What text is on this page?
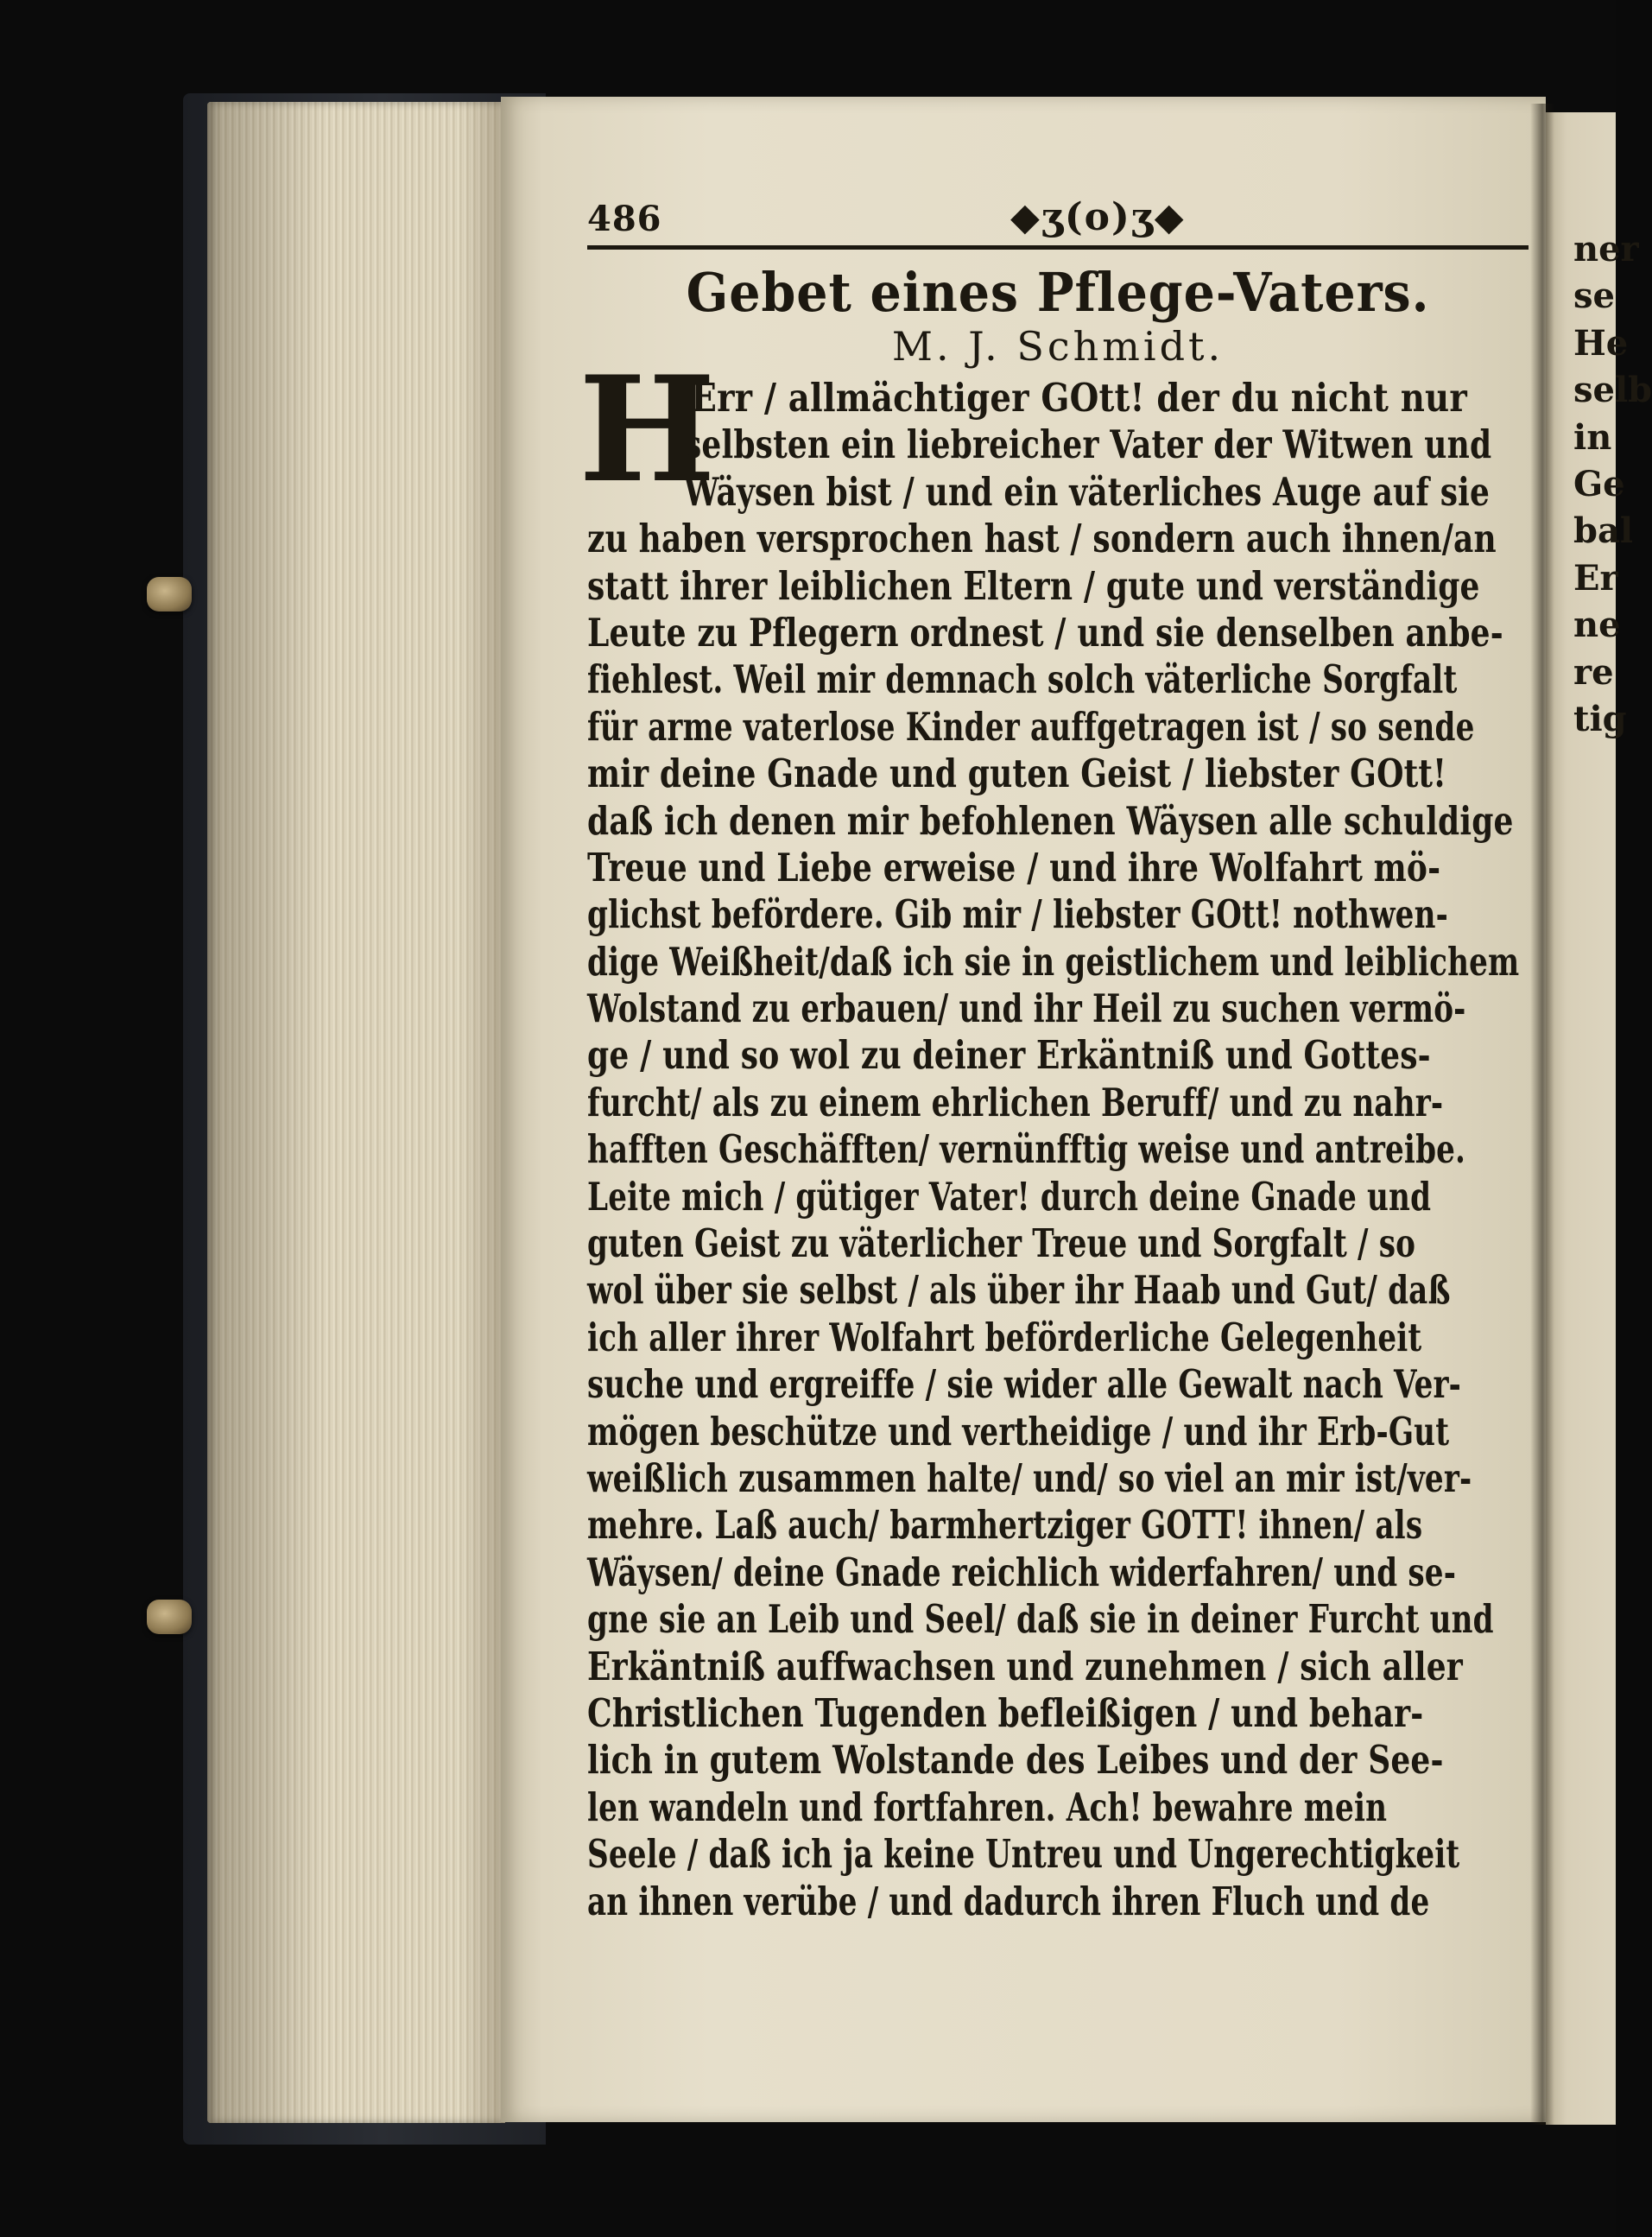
486	◆ʒ(o)ʒ◆
Gebet eines Pflege-Vaters.
M. J. Schmidt.
H
Err / allmächtiger GOtt! der du nicht nur
selbsten ein liebreicher Vater der Witwen und
Wäysen bist / und ein väterliches Auge auf sie
zu haben versprochen hast / sondern auch ihnen/an
statt ihrer leiblichen Eltern / gute und verständige
Leute zu Pflegern ordnest / und sie denselben anbe-
fiehlest. Weil mir demnach solch väterliche Sorgfalt
für arme vaterlose Kinder auffgetragen ist / so sende
mir deine Gnade und guten Geist / liebster GOtt!
daß ich denen mir befohlenen Wäysen alle schuldige
Treue und Liebe erweise / und ihre Wolfahrt mö-
glichst befördere. Gib mir / liebster GOtt! nothwen-
dige Weißheit/daß ich sie in geistlichem und leiblichem
Wolstand zu erbauen/ und ihr Heil zu suchen vermö-
ge / und so wol zu deiner Erkäntniß und Gottes-
furcht/ als zu einem ehrlichen Beruff/ und zu nahr-
hafften Geschäfften/ vernünfftig weise und antreibe.
Leite mich / gütiger Vater! durch deine Gnade und
guten Geist zu väterlicher Treue und Sorgfalt / so
wol über sie selbst / als über ihr Haab und Gut/ daß
ich aller ihrer Wolfahrt beförderliche Gelegenheit
suche und ergreiffe / sie wider alle Gewalt nach Ver-
mögen beschütze und vertheidige / und ihr Erb-Gut
weißlich zusammen halte/ und/ so viel an mir ist/ver-
mehre. Laß auch/ barmhertziger GOTT! ihnen/ als
Wäysen/ deine Gnade reichlich widerfahren/ und se-
gne sie an Leib und Seel/ daß sie in deiner Furcht und
Erkäntniß auffwachsen und zunehmen / sich aller
Christlichen Tugenden befleißigen / und behar-
lich in gutem Wolstande des Leibes und der See-
len wandeln und fortfahren. Ach! bewahre mein
Seele / daß ich ja keine Untreu und Ungerechtigkeit
an ihnen verübe / und dadurch ihren Fluch und de
ner
se
He
selb
in
Ge
bal
Er
ne
re
tig
